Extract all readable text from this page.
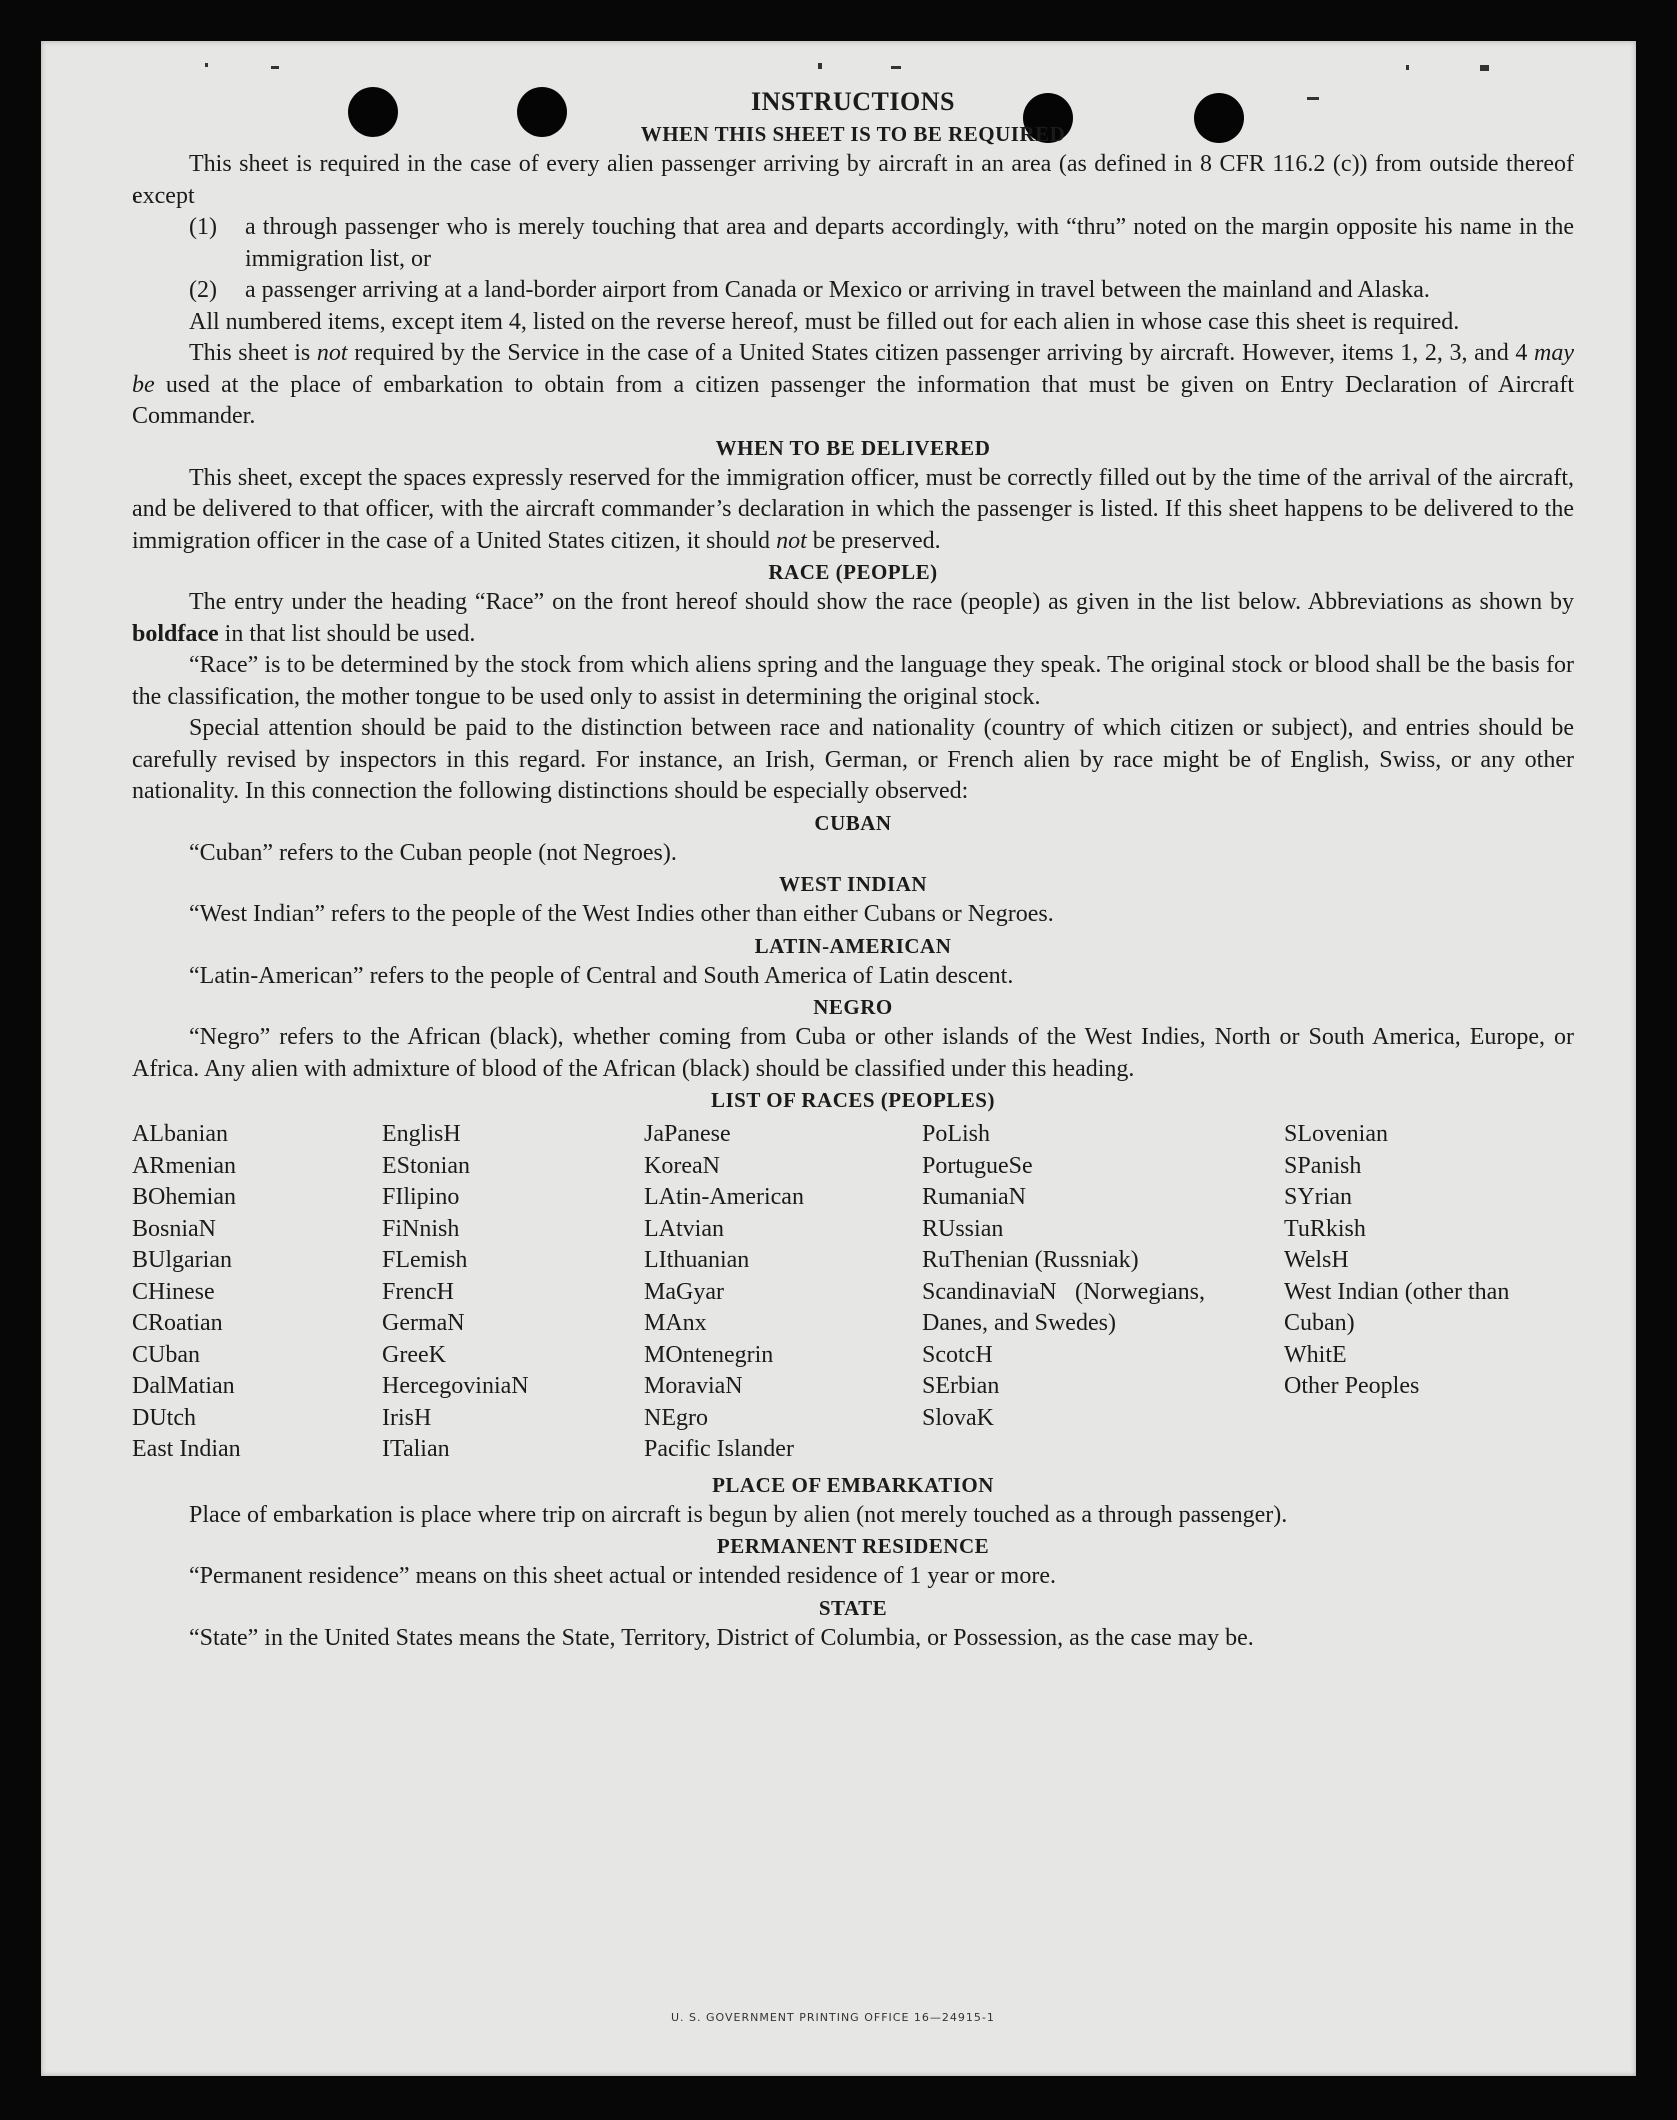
INSTRUCTIONS

WHEN THIS SHEET IS TO BE REQUIRED

This sheet is required in the case of every alien passenger arriving by aircraft in an area (as defined in 8 CFR 116.2 (c)) from outside thereof except

(1)	a through passenger who is merely touching that area and departs accordingly, with “thru” noted on the margin opposite his name in the immigration list, or
(2)	a passenger arriving at a land-border airport from Canada or Mexico or arriving in travel between the mainland and Alaska.

All numbered items, except item 4, listed on the reverse hereof, must be filled out for each alien in whose case this sheet is required.

This sheet is not required by the Service in the case of a United States citizen passenger arriving by aircraft. However, items 1, 2, 3, and 4 may be used at the place of embarkation to obtain from a citizen passenger the information that must be given on Entry Declaration of Aircraft Commander.

WHEN TO BE DELIVERED

This sheet, except the spaces expressly reserved for the immigration officer, must be correctly filled out by the time of the arrival of the aircraft, and be delivered to that officer, with the aircraft commander’s declaration in which the passenger is listed. If this sheet happens to be delivered to the immigration officer in the case of a United States citizen, it should not be preserved.

RACE (PEOPLE)

The entry under the heading “Race” on the front hereof should show the race (people) as given in the list below. Abbreviations as shown by boldface in that list should be used.

“Race” is to be determined by the stock from which aliens spring and the language they speak. The original stock or blood shall be the basis for the classification, the mother tongue to be used only to assist in determining the original stock.

Special attention should be paid to the distinction between race and nationality (country of which citizen or subject), and entries should be carefully revised by inspectors in this regard. For instance, an Irish, German, or French alien by race might be of English, Swiss, or any other nationality. In this connection the following distinctions should be especially observed:

CUBAN

“Cuban” refers to the Cuban people (not Negroes).

WEST INDIAN

“West Indian” refers to the people of the West Indies other than either Cubans or Negroes.

LATIN-AMERICAN

“Latin-American” refers to the people of Central and South America of Latin descent.

NEGRO

“Negro” refers to the African (black), whether coming from Cuba or other islands of the West Indies, North or South America, Europe, or Africa. Any alien with admixture of blood of the African (black) should be classified under this heading.

LIST OF RACES (PEOPLES)

ALbanian
ARmenian
BOhemian
BosniaN
BUlgarian
CHinese
CRoatian
CUban
DalMatian
DUtch
East Indian
EnglisH
EStonian
FIlipino
FiNnish
FLemish
FrencH
GermaN
GreeK
HercegoviniaN
IrisH
ITalian
JaPanese
KoreaN
LAtin-American
LAtvian
LIthuanian
MaGyar
MAnx
MOntenegrin
MoraviaN
NEgro
Pacific Islander
PoLish
PortugueSe
RumaniaN
RUssian
RuThenian (Russniak)
ScandinaviaN (Norwegians, Danes, and Swedes)
ScotcH
SErbian
SlovaK
SLovenian
SPanish
SYrian
TuRkish
WelsH
West Indian (other than Cuban)
WhitE
Other Peoples

PLACE OF EMBARKATION

Place of embarkation is place where trip on aircraft is begun by alien (not merely touched as a through passenger).

PERMANENT RESIDENCE

“Permanent residence” means on this sheet actual or intended residence of 1 year or more.

STATE

“State” in the United States means the State, Territory, District of Columbia, or Possession, as the case may be.

U. S. GOVERNMENT PRINTING OFFICE 16—24915-1
